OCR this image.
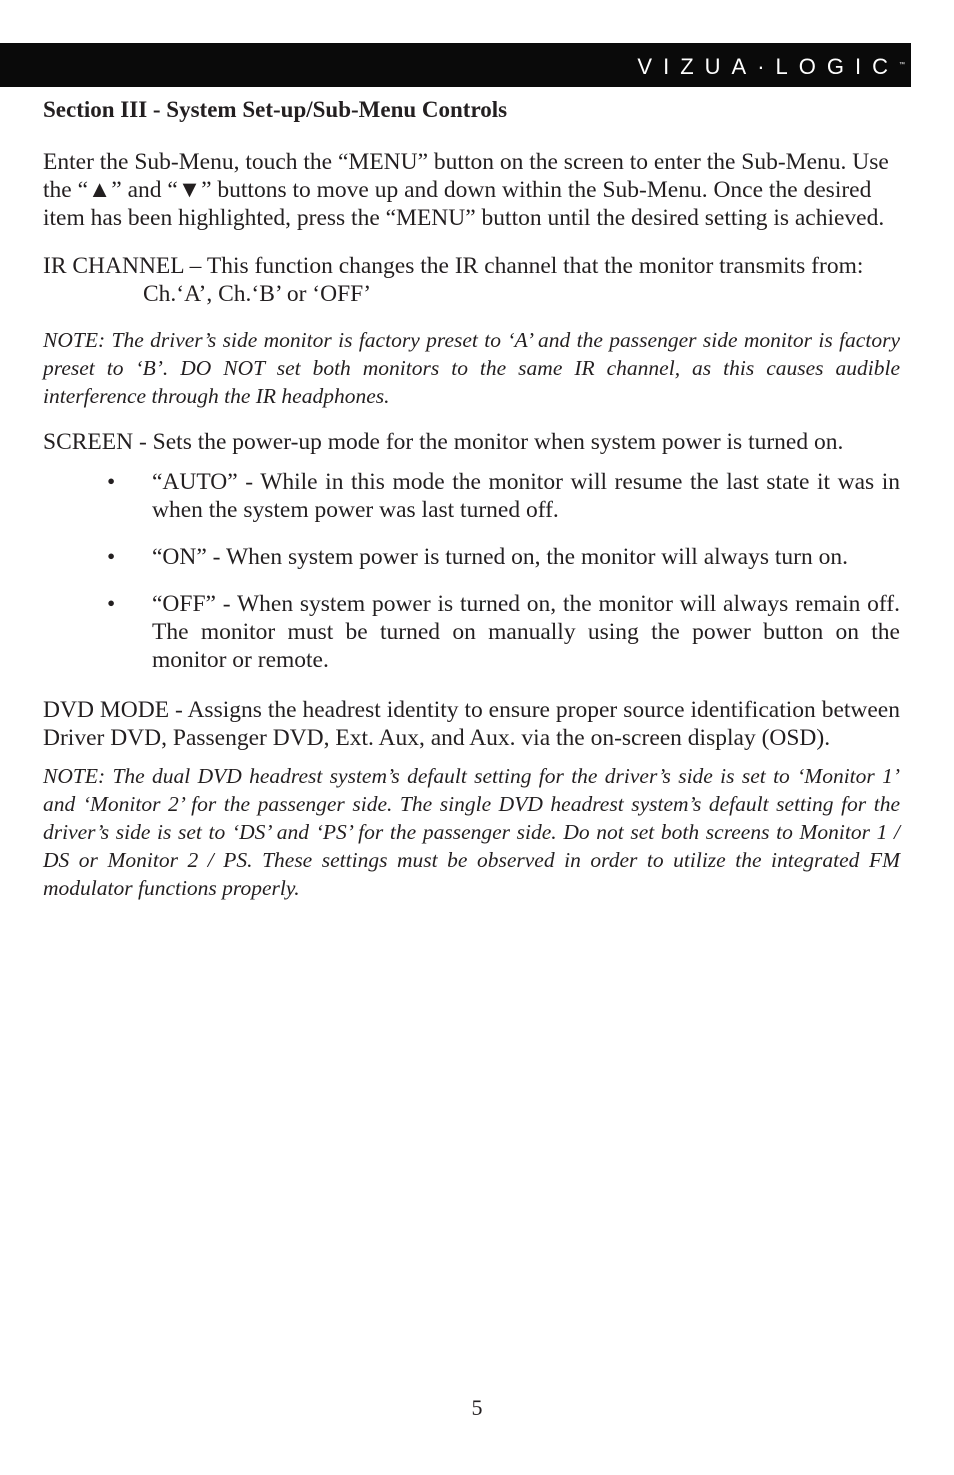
VIZUA·LOGIC™

Section III - System Set-up/Sub-Menu Controls

Enter the Sub-Menu, touch the “MENU” button on the screen to enter the Sub-Menu. Use the “▲” and “▼” buttons to move up and down within the Sub-Menu. Once the desired item has been highlighted, press the “MENU” button until the desired setting is achieved.

IR CHANNEL – This function changes the IR channel that the monitor transmits from:Ch.‘A’, Ch.‘B’ or ‘OFF’

NOTE: The driver’s side monitor is factory preset to ‘A’ and the passenger side monitor is factory preset to ‘B’. DO NOT set both monitors to the same IR channel, as this causes audible interference through the IR headphones.

SCREEN - Sets the power-up mode for the monitor when system power is turned on.

• “AUTO” - While in this mode the monitor will resume the last state it was in when the system power was last turned off.
• “ON” - When system power is turned on, the monitor will always turn on.
• “OFF” - When system power is turned on, the monitor will always remain off. The monitor must be turned on manually using the power button on the monitor or remote.

DVD MODE - Assigns the headrest identity to ensure proper source identification between Driver DVD, Passenger DVD, Ext. Aux, and Aux. via the on-screen display (OSD).

NOTE: The dual DVD headrest system’s default setting for the driver’s side is set to ‘Monitor 1’ and ‘Monitor 2’ for the passenger side. The single DVD headrest system’s default setting for the driver’s side is set to ‘DS’ and ‘PS’ for the passenger side. Do not set both screens to Monitor 1 / DS or Monitor 2 / PS. These settings must be observed in order to utilize the integrated FM modulator functions properly.

5
